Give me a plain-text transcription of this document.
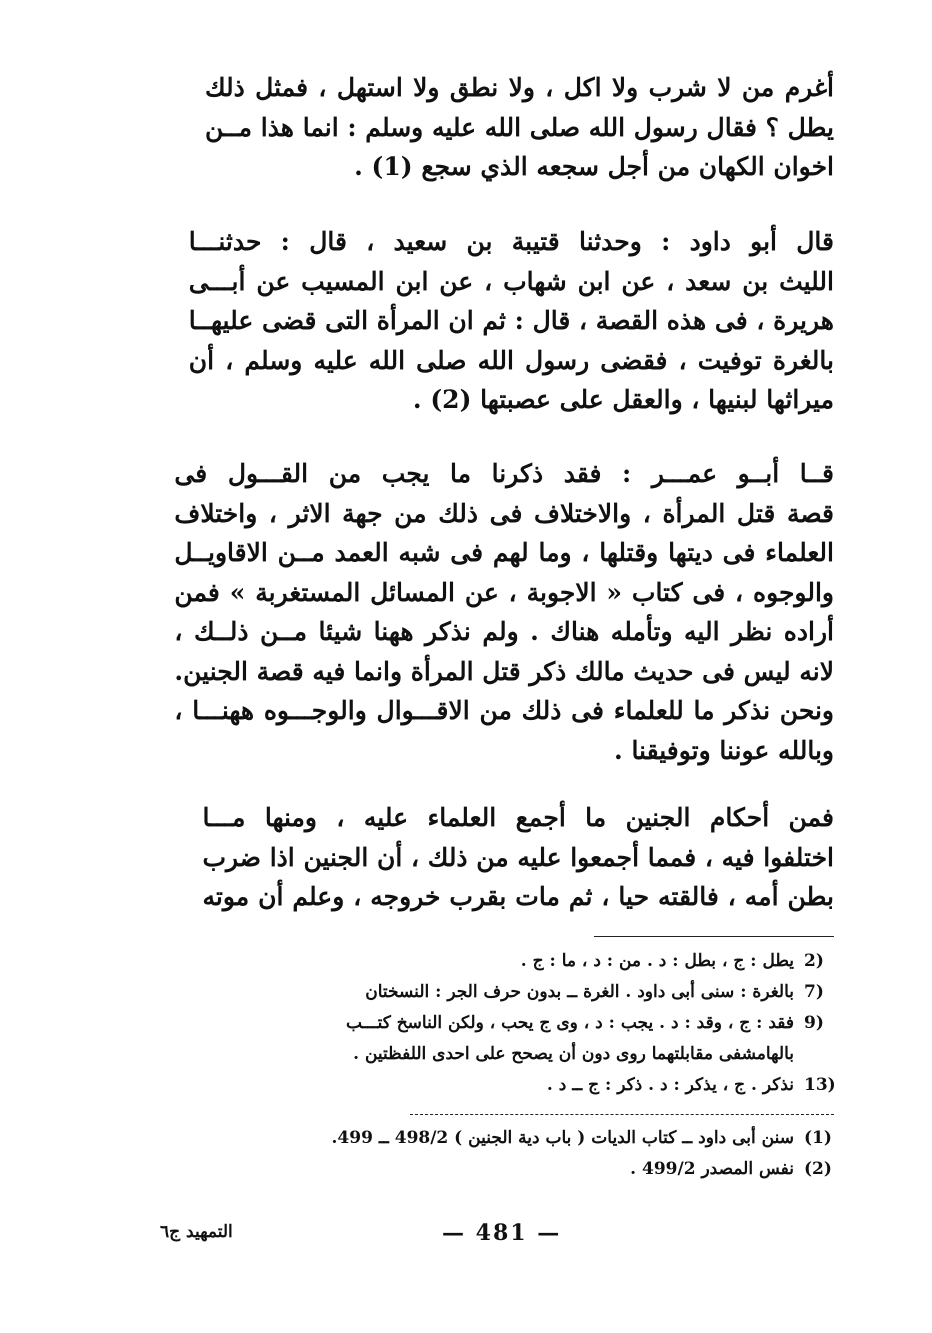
أغرم من لا شرب ولا اكل ، ولا نطق ولا استهل ، فمثل ذلك
يطل ؟ فقال رسول الله صلى الله عليه وسلم : انما هذا مــن
اخوان الكهان من أجل سجعه الذي سجع (1) .

قال أبو داود : وحدثنا قتيبة بن سعيد ، قال : حدثنـــا
الليث بن سعد ، عن ابن شهاب ، عن ابن المسيب عن أبـــى
هريرة ، فى هذه القصة ، قال : ثم ان المرأة التى قضى عليهــا
بالغرة توفيت ، فقضى رسول الله صلى الله عليه وسلم ، أن
ميراثها لبنيها ، والعقل على عصبتها (2) .

قــا أبــو عمـــر : فقد ذكرنا ما يجب من القـــول فى
قصة قتل المرأة ، والاختلاف فى ذلك من جهة الاثر ، واختلاف
العلماء فى ديتها وقتلها ، وما لهم فى شبه العمد مــن الاقاويــل
والوجوه ، فى كتاب « الاجوبة ، عن المسائل المستغربة » فمن
أراده نظر اليه وتأمله هناك . ولم نذكر ههنا شيئا مــن ذلــك ،
لانه ليس فى حديث مالك ذكر قتل المرأة وانما فيه قصة الجنين.
ونحن نذكر ما للعلماء فى ذلك من الاقـــوال والوجـــوه ههنـــا ،
وبالله عوننا وتوفيقنا .

فمن أحكام الجنين ما أجمع العلماء عليه ، ومنها مـــا
اختلفوا فيه ، فمما أجمعوا عليه من ذلك ، أن الجنين اذا ضرب
بطن أمه ، فالقته حيا ، ثم مات بقرب خروجه ، وعلم أن موته

2)
يطل : ج ، بطل : د . من : د ، ما : ج .
7)
بالغرة : سنى أبى داود . الغرة ــ بدون حرف الجر : النسختان
9)
فقد : ج ، وقد : د . يجب : د ، وى ج يحب ، ولكن الناسخ كتـــب
بالهامشفى مقابلتهما روى دون أن يصحح على احدى اللفظتين .
13)
نذكر . ج ، يذكر : د . ذكر : ج ــ د .
(1)
سنن أبى داود ــ كتاب الديات ( باب دية الجنين ) 498/2 ــ 499.
(2)
نفس المصدر 499/2 .
— 481 —
التمهيد ج٦
